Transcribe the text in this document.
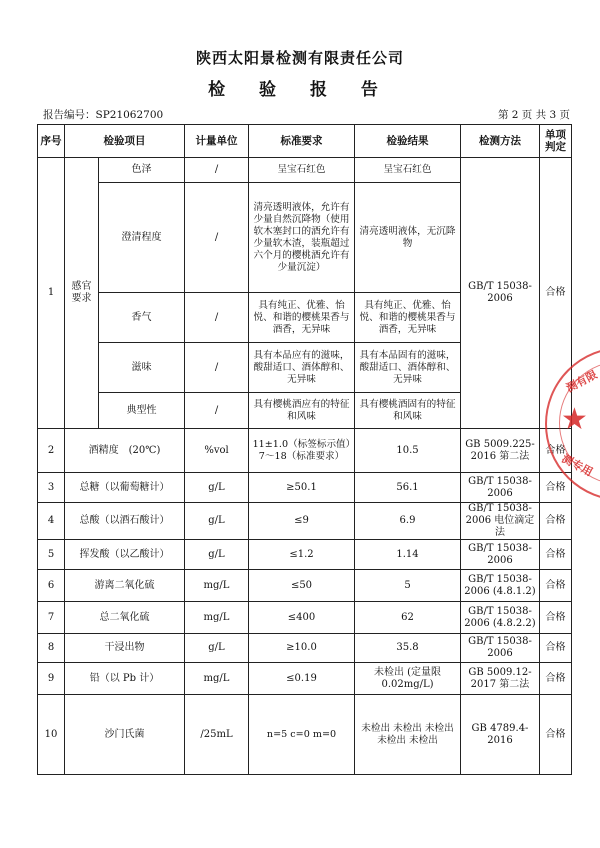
陕西太阳景检测有限责任公司
检 验 报 告
报告编号：SP21062700	第 2 页 共 3 页
序号	检验项目		计量单位	标准要求	检验结果	检测方法	单项判定
1	感官要求	色泽	/	呈宝石红色	呈宝石红色	GB/T 15038-2006	合格
		澄清程度	/	清亮透明液体，允许有少量自然沉降物（使用软木塞封口的酒允许有少量软木渣，装瓶超过六个月的樱桃酒允许有少量沉淀）	清亮透明液体，无沉降物		
		香气	/	具有纯正、优雅、怡悦、和谐的樱桃果香与酒香，无异味	具有纯正、优雅、怡悦、和谐的樱桃果香与酒香，无异味		
		滋味	/	具有本品应有的滋味，酸甜适口、酒体醇和、无异味	具有本品固有的滋味，酸甜适口、酒体醇和、无异味		
		典型性	/	具有樱桃酒应有的特征和风味	具有樱桃酒固有的特征和风味		
2	酒精度　(20℃)		%vol	11±1.0（标签标示值）7～18（标准要求）	10.5	GB 5009.225-2016 第二法	合格
3	总糖（以葡萄糖计）		g/L	≥50.1	56.1	GB/T 15038-2006	合格
4	总酸（以酒石酸计）		g/L	≤9	6.9	GB/T 15038-2006 电位滴定法	合格
5	挥发酸（以乙酸计）		g/L	≤1.2	1.14	GB/T 15038-2006	合格
6	游离二氧化硫		mg/L	≤50	5	GB/T 15038-2006 (4.8.1.2)	合格
7	总二氧化硫		mg/L	≤400	62	GB/T 15038-2006 (4.8.2.2)	合格
8	干浸出物		g/L	≥10.0	35.8	GB/T 15038-2006	合格
9	铅（以 Pb 计）		mg/L	≤0.19	未检出 (定量限 0.02mg/L)	GB 5009.12-2017 第二法	合格
10	沙门氏菌		/25mL	n=5 c=0 m=0	未检出 未检出 未检出 未检出 未检出	GB 4789.4-2016	合格
测有限
★
测专用
